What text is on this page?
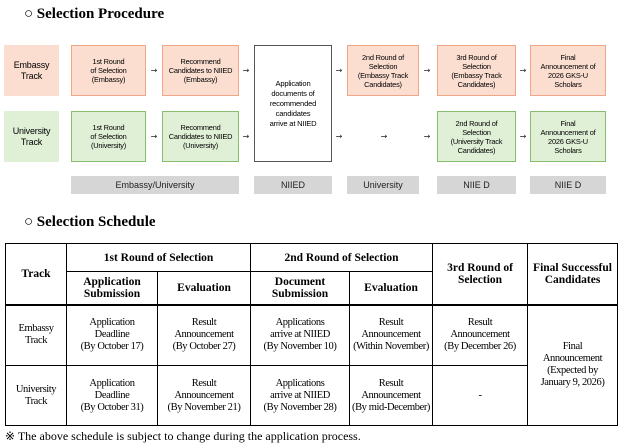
○ Selection Procedure
Embassy
Track
University
Track
1st Round
of Selection
(Embassy)
→
Recommend
Candidates to NIIED
(Embassy)
→
Application
documents of
recommended
candidates
arrive at NIIED
→
2nd Round of
Selection
(Embassy Track
Candidates)
→
3rd Round of
Selection
(Embassy Track
Candidates)
→
Final
Announcement of
2026 GKS-U
Scholars
1st Round
of Selection
(University)
→
Recommend
Candidates to NIIED
(University)
→	→	→	→
2nd Round of
Selection
(University Track
Candidates)
→
Final
Announcement of
2026 GKS-U
Scholars
Embassy/University	NIIED	University	NIIE D	NIIE D
○ Selection Schedule
Track	1st Round of Selection		2nd Round of Selection		3rd Round of Selection	Final Successful Candidates
	Application Submission	Evaluation	Document Submission	Evaluation		
Embassy
Track	Application
Deadline
(By October 17)	Result
Announcement
(By October 27)	Applications
arrive at NIIED
(By November 10)	Result
Announcement
(Within November)	Result
Announcement
(By December 26)	Final
Announcement
(Expected by
January 9, 2026)
University
Track	Application
Deadline
(By October 31)	Result
Announcement
(By November 21)	Applications
arrive at NIIED
(By November 28)	Result
Announcement
(By mid-December)	-	
※ The above schedule is subject to change during the application process.
